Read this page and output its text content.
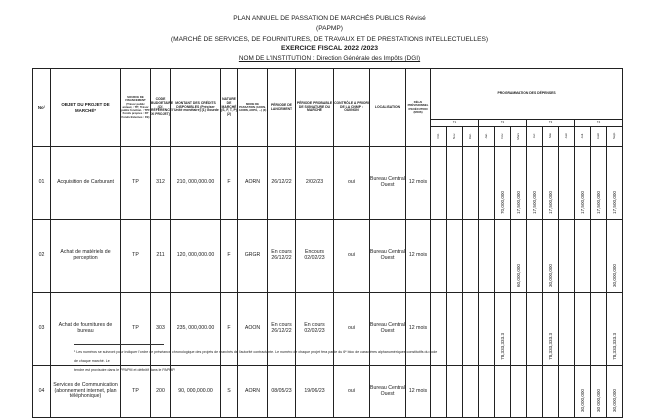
PLAN ANNUEL DE PASSATION DE MARCHÉS PUBLICS Révisé
(PAPMP)
(MARCHÉ DE SERVICES, DE FOURNITURES, DE TRAVAUX ET DE PRESTATIONS INTELLECTUELLES)
EXERCICE FISCAL 2022 /2023
NOM DE L'INSTITUTION : Direction Générale des Impôts (DGI)
No¹	OBJET DU PROJET DE MARCHÉ*	SOURCE DE FINANCEMENT (Trésor public annuel, : TP; Trésor public fonction. : TPF Fonds propres : FP Fonds Externes : FE)	CODE BUDGETAIRE (Cf. RÉFÉRENCE XI PROJET)	MONTANT DES CRÉDITS DISPONIBLES (Préciser l'Unité monétaire) (1) Gourde	NATURE DE MARCHÉ (S, F, T, P) (2)	MODE DE PASSATION (AOON, AOIRN, ADPG, ...) (3)	PÉRIODE DE LANCEMENT	PÉRIODE PROBABLE DE SIGNATURE DU MARCHÉ	CONTRÔLE A PRIORI DE LA CNMP : OUI/NON	LOCALISATION	DÉLAI PRÉVISIONNEL D'EXÉCUTION (MOIS)	PROGRAMMATION DES DÉPENSES											
												T1			T2			T3			T4		
												Oct.	Nov.	Déc.	Jan.	Fév.	Mars	Avr.	Mai	Juin	Juil.	Août	Sept.
01	Acquisition de Carburant	TP	312	210, 000,000.00	F	AORN	26/12/22	2/02/23	oui	Bureau Central Ouest	12 mois					70,000,000	17,500,000	17,500,000	17,500,000		17,500,000	17,500,000	17,500,000
02	Achat de matériels de perception	TP	211	120, 000,000.00	F	GRGR	En cours 26/12/22	Encours 02/02/23	oui	Bureau Central Ouest	12 mois						60,000,000		30,000,000				30,000,000
03	Achat de fournitures de bureau	TP	303	235, 000,000.00	F	AOON	En cours 26/12/22	En cours 02/02/23	oui	Bureau Central Ouest	12 mois					78,333,333.3			78,333,333.3				78,333,333.3
04	Services de Communication (abonnement internet, plan téléphonique)	TP	200	90, 000,000.00	S	AORN	08/05/23	19/06/23	oui	Bureau Central Ouest	12 mois										30,000,000	30 000,000	30,000,000
¹ Les numéros se suivront pour indiquer l'ordre de préséance chronologique des projets de marchés de l'autorité contractante. Le numéro de chaque projet fera partie du 6ᵉ bloc de caractères alphanumériques constitutifs du code
de chaque marché. Le
tendre est provisoire dans le PPAPM et définitif dans le PAPMP.
